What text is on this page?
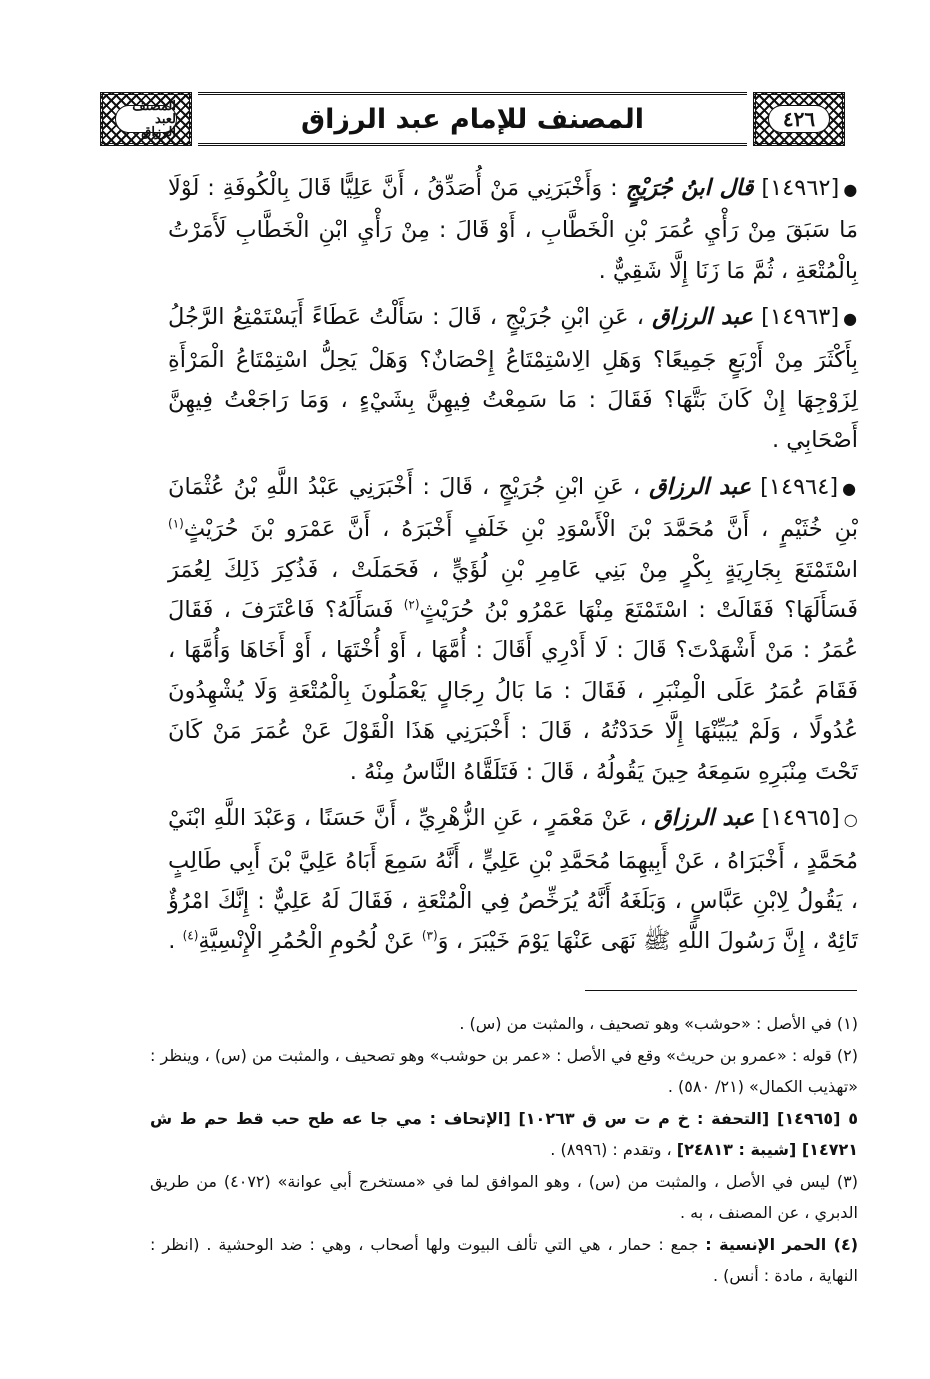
المصنف لعبد الرزاق	المصنف للإمام عبد الرزاق	٤٢٦

●[١٤٩٦٢] قال ابنُ جُرَيْجٍ : وَأَخْبَرَنِي مَنْ أُصَدِّقُ ، أَنَّ عَلِيًّا قَالَ بِالْكُوفَةِ : لَوْلَا مَا سَبَقَ مِنْ رَأْيِ عُمَرَ بْنِ الْخَطَّابِ ، أَوْ قَالَ : مِنْ رَأْيِ ابْنِ الْخَطَّابِ لَأَمَرْتُ بِالْمُتْعَةِ ، ثُمَّ مَا زَنَا إِلَّا شَقِيٌّ .

●[١٤٩٦٣] عبد الرزاق ، عَنِ ابْنِ جُرَيْجٍ ، قَالَ : سَأَلْتُ عَطَاءً أَيَسْتَمْتِعُ الرَّجُلُ بِأَكْثَرَ مِنْ أَرْبَعٍ جَمِيعًا؟ وَهَلِ الِاسْتِمْتَاعُ إِحْصَانٌ؟ وَهَلْ يَحِلُّ اسْتِمْتَاعُ الْمَرْأَةِ لِزَوْجِهَا إِنْ كَانَ بَتَّهَا؟ فَقَالَ : مَا سَمِعْتُ فِيهِنَّ بِشَيْءٍ ، وَمَا رَاجَعْتُ فِيهِنَّ أَصْحَابِي .

●[١٤٩٦٤] عبد الرزاق ، عَنِ ابْنِ جُرَيْجٍ ، قَالَ : أَخْبَرَنِي عَبْدُ اللَّهِ بْنُ عُثْمَانَ بْنِ خُثَيْمٍ ، أَنَّ مُحَمَّدَ بْنَ الْأَسْوَدِ بْنِ خَلَفٍ أَخْبَرَهُ ، أَنَّ عَمْرَو بْنَ حُرَيْثٍ$^{(١)}$ اسْتَمْتَعَ بِجَارِيَةٍ بِكْرٍ مِنْ بَنِي عَامِرِ بْنِ لُؤَيٍّ ، فَحَمَلَتْ ، فَذُكِرَ ذَلِكَ لِعُمَرَ فَسَأَلَهَا؟ فَقَالَتْ : اسْتَمْتَعَ مِنْهَا عَمْرُو بْنُ حُرَيْثٍ$^{(٢)}$ فَسَأَلَهُ؟ فَاعْتَرَفَ ، فَقَالَ عُمَرُ : مَنْ أَشْهَدْتَ؟ قَالَ : لَا أَدْرِي أَقَالَ : أُمَّهَا ، أَوْ أُخْتَهَا ، أَوْ أَخَاهَا وَأُمَّهَا ، فَقَامَ عُمَرُ عَلَى الْمِنْبَرِ ، فَقَالَ : مَا بَالُ رِجَالٍ يَعْمَلُونَ بِالْمُتْعَةِ وَلَا يُشْهِدُونَ عُدُولًا ، وَلَمْ يُبَيِّنْهَا إِلَّا حَدَدْتُهُ ، قَالَ : أَخْبَرَنِي هَذَا الْقَوْلَ عَنْ عُمَرَ مَنْ كَانَ تَحْتَ مِنْبَرِهِ سَمِعَهُ حِينَ يَقُولُهُ ، قَالَ : فَتَلَقَّاهُ النَّاسُ مِنْهُ .

○[١٤٩٦٥] عبد الرزاق ، عَنْ مَعْمَرٍ ، عَنِ الزُّهْرِيِّ ، أَنَّ حَسَنًا ، وَعَبْدَ اللَّهِ ابْنَيْ مُحَمَّدٍ ، أَخْبَرَاهُ ، عَنْ أَبِيهِمَا مُحَمَّدِ بْنِ عَلِيٍّ ، أَنَّهُ سَمِعَ أَبَاهُ عَلِيَّ بْنَ أَبِي طَالِبٍ ، يَقُولُ لِابْنِ عَبَّاسٍ ، وَبَلَغَهُ أَنَّهُ يُرَخِّصُ فِي الْمُتْعَةِ ، فَقَالَ لَهُ عَلِيٌّ : إِنَّكَ امْرُؤٌ تَائِهٌ ، إِنَّ رَسُولَ اللَّهِ ﷺ نَهَى عَنْهَا يَوْمَ خَيْبَرَ ، وَ$^{(٣)}$ عَنْ لُحُومِ الْحُمُرِ الْإِنْسِيَّةِ$^{(٤)}$ .

(١) في الأصل : «حوشب» وهو تصحيف ، والمثبت من (س) .

(٢) قوله : «عمرو بن حريث» وقع في الأصل : «عمر بن حوشب» وهو تصحيف ، والمثبت من (س) ، وينظر : «تهذيب الكمال» (٢١/ ٥٨٠) .

٥ [١٤٩٦٥] [التحفة : خ م ت س ق ١٠٢٦٣] [الإتحاف : مي جا عه طح حب قط حم ط ش ١٤٧٢١] [شيبة : ٢٤٨١٣] ، وتقدم : (٨٩٩٦) .

(٣) ليس في الأصل ، والمثبت من (س) ، وهو الموافق لما في «مستخرج أبي عوانة» (٤٠٧٢) من طريق الدبري ، عن المصنف ، به .

(٤) الحمر الإنسية : جمع : حمار ، هي التي تألف البيوت ولها أصحاب ، وهي : ضد الوحشية . (انظر : النهاية ، مادة : أنس) .
